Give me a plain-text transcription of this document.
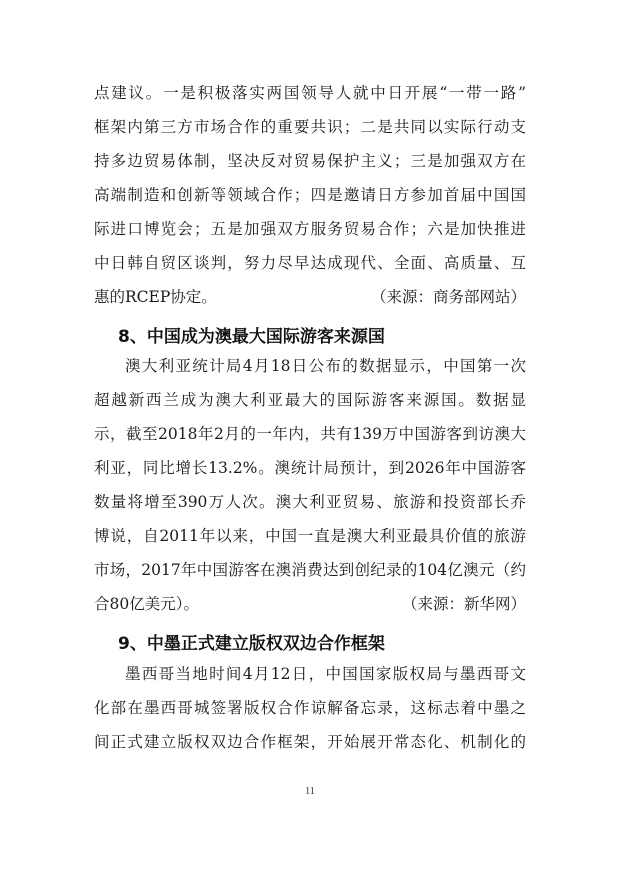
点建议。一是积极落实两国领导人就中日开展“一带一路”
框架内第三方市场合作的重要共识；二是共同以实际行动支
持多边贸易体制，坚决反对贸易保护主义；三是加强双方在
高端制造和创新等领域合作；四是邀请日方参加首届中国国
际进口博览会；五是加强双方服务贸易合作；六是加快推进
中日韩自贸区谈判，努力尽早达成现代、全面、高质量、互
惠的RCEP协定。	（来源：商务部网站）
8、中国成为澳最大国际游客来源国
澳大利亚统计局4月18日公布的数据显示，中国第一次
超越新西兰成为澳大利亚最大的国际游客来源国。数据显
示，截至2018年2月的一年内，共有139万中国游客到访澳大
利亚，同比增长13.2%。澳统计局预计，到2026年中国游客
数量将增至390万人次。澳大利亚贸易、旅游和投资部长乔
博说，自2011年以来，中国一直是澳大利亚最具价值的旅游
市场，2017年中国游客在澳消费达到创纪录的104亿澳元（约
合80亿美元）。	（来源：新华网）
9、中墨正式建立版权双边合作框架
墨西哥当地时间4月12日，中国国家版权局与墨西哥文
化部在墨西哥城签署版权合作谅解备忘录，这标志着中墨之
间正式建立版权双边合作框架，开始展开常态化、机制化的
11
